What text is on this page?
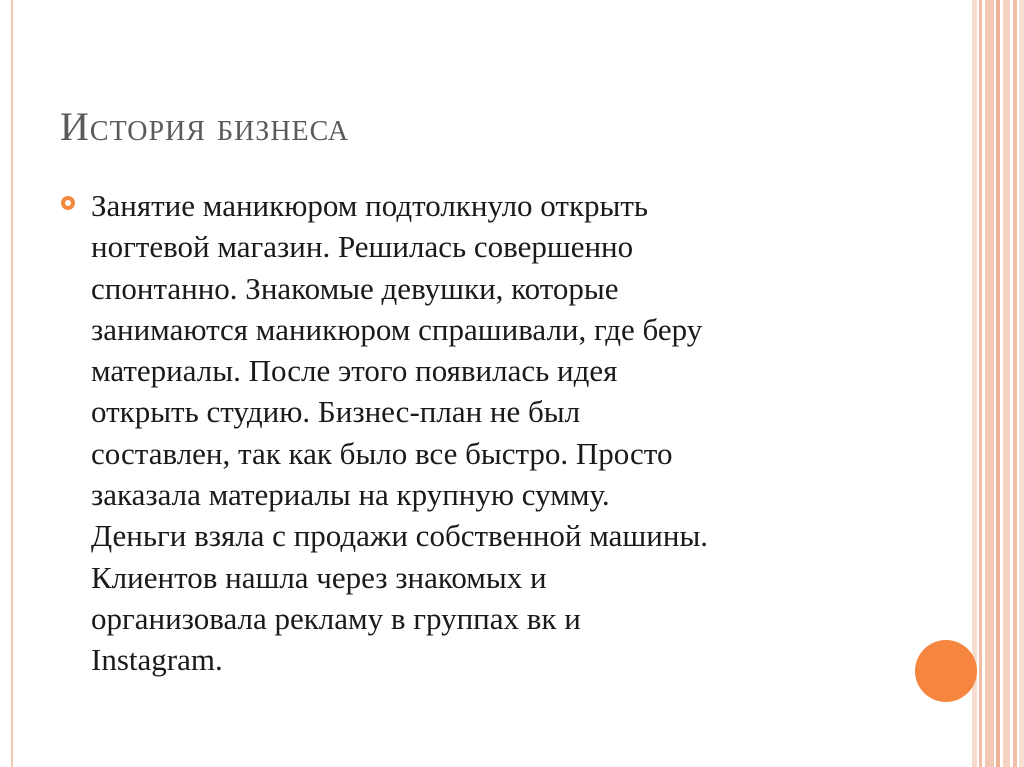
История бизнеса

Занятие маникюром подтолкнуло открыть
ногтевой магазин. Решилась совершенно
спонтанно. Знакомые девушки, которые
занимаются маникюром спрашивали, где беру
материалы. После этого появилась идея
открыть студию. Бизнес-план не был
составлен, так как было все быстро. Просто
заказала материалы на крупную сумму.
Деньги взяла с продажи собственной машины.
Клиентов нашла через знакомых и
организовала рекламу в группах вк и
Instagram.
